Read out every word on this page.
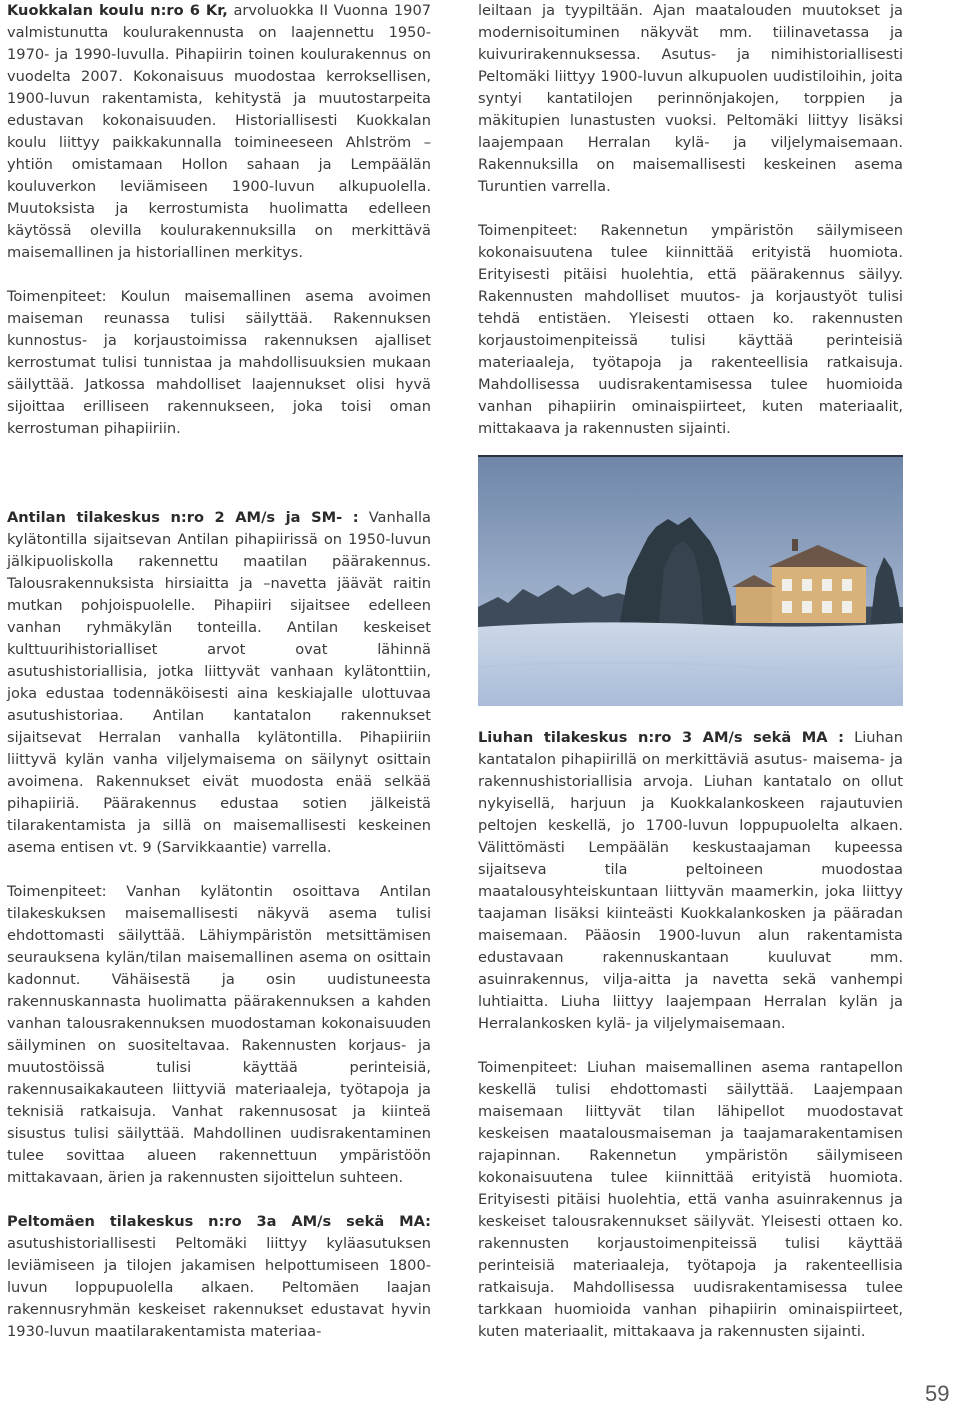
Kuokkalan koulu n:ro 6 Kr, arvoluokka II Vuonna 1907 valmistunutta koulurakennusta on laajennettu 1950- 1970- ja 1990-luvulla. Pihapiirin toinen koulurakennus on vuodelta 2007. Kokonaisuus muodostaa kerroksellisen, 1900-luvun rakentamista, kehitystä ja muutostarpeita edustavan kokonaisuuden. Historiallisesti Kuokkalan koulu liittyy paikkakunnalla toimineeseen Ahlström –yhtiön omistamaan Hollon sahaan ja Lempäälän kouluverkon leviämiseen 1900-luvun alkupuolella. Muutoksista ja kerrostumista huolimatta edelleen käytössä olevilla koulurakennuksilla on merkittävä maisemallinen ja historiallinen merkitys.

Toimenpiteet: Koulun maisemallinen asema avoimen maiseman reunassa tulisi säilyttää. Rakennuksen kunnostus- ja korjaustoimissa rakennuksen ajalliset kerrostumat tulisi tunnistaa ja mahdollisuuksien mukaan säilyttää. Jatkossa mahdolliset laajennukset olisi hyvä sijoittaa erilliseen rakennukseen, joka toisi oman kerrostuman pihapiiriin.

leiltaan ja tyypiltään. Ajan maatalouden muutokset ja modernisoituminen näkyvät mm. tiilinavetassa ja kuivurirakennuksessa. Asutus- ja nimihistoriallisesti Peltomäki liittyy 1900-luvun alkupuolen uudistiloihin, joita syntyi kantatilojen perinnönjakojen, torppien ja mäkitupien lunastusten vuoksi. Peltomäki liittyy lisäksi laajempaan Herralan kylä- ja viljelymaisemaan. Rakennuksilla on maisemallisesti keskeinen asema Turuntien varrella.

Toimenpiteet: Rakennetun ympäristön säilymiseen kokonaisuutena tulee kiinnittää erityistä huomiota. Erityisesti pitäisi huolehtia, että päärakennus säilyy. Rakennusten mahdolliset muutos- ja korjaustyöt tulisi tehdä entistäen. Yleisesti ottaen ko. rakennusten korjaustoimenpiteissä tulisi käyttää perinteisiä materiaaleja, työtapoja ja rakenteellisia ratkaisuja. Mahdollisessa uudisrakentamisessa tulee huomioida vanhan pihapiirin ominaispiirteet, kuten materiaalit, mittakaava ja rakennusten sijainti.

Antilan tilakeskus n:ro 2 AM/s ja SM- : Vanhalla kylätontilla sijaitsevan Antilan pihapiirissä on 1950-luvun jälkipuoliskolla rakennettu maatilan päärakennus. Talousrakennuksista hirsiaitta ja –navetta jäävät raitin mutkan pohjoispuolelle. Pihapiiri sijaitsee edelleen vanhan ryhmäkylän tonteilla. Antilan keskeiset kulttuurihistorialliset arvot ovat lähinnä asutushistoriallisia, jotka liittyvät vanhaan kylätonttiin, joka edustaa todennäköisesti aina keskiajalle ulottuvaa asutushistoriaa. Antilan kantatalon rakennukset sijaitsevat Herralan vanhalla kylätontilla. Pihapiiriin liittyvä kylän vanha viljelymaisema on säilynyt osittain avoimena. Rakennukset eivät muodosta enää selkää pihapiiriä. Päärakennus edustaa sotien jälkeistä tilarakentamista ja sillä on maisemallisesti keskeinen asema entisen vt. 9 (Sarvikkaantie) varrella.

Toimenpiteet: Vanhan kylätontin osoittava Antilan tilakeskuksen maisemallisesti näkyvä asema tulisi ehdottomasti säilyttää. Lähiympäristön metsittämisen seurauksena kylän/tilan maisemallinen asema on osittain kadonnut. Vähäisestä ja osin uudistuneesta rakennuskannasta huolimatta päärakennuksen a kahden vanhan talousrakennuksen muodostaman kokonaisuuden säilyminen on suositeltavaa. Rakennusten korjaus- ja muutostöissä tulisi käyttää perinteisiä, rakennusaikakauteen liittyviä materiaaleja, työtapoja ja teknisiä ratkaisuja. Vanhat rakennusosat ja kiinteä sisustus tulisi säilyttää. Mahdollinen uudisrakentaminen tulee sovittaa alueen rakennettuun ympäristöön mittakavaan, ärien ja rakennusten sijoittelun suhteen.

Peltomäen tilakeskus n:ro 3a AM/s sekä MA: asutushistoriallisesti Peltomäki liittyy kyläasutuksen leviämiseen ja tilojen jakamisen helpottumiseen 1800-luvun loppupuolella alkaen. Peltomäen laajan rakennusryhmän keskeiset rakennukset edustavat hyvin 1930-luvun maatilarakentamista materiaa-

Liuhan tilakeskus n:ro 3 AM/s sekä MA : Liuhan kantatalon pihapiirillä on merkittäviä asutus- maisema- ja rakennushistoriallisia arvoja. Liuhan kantatalo on ollut nykyisellä, harjuun ja Kuokkalankoskeen rajautuvien peltojen keskellä, jo 1700-luvun loppupuolelta alkaen. Välittömästi Lempäälän keskustaajaman kupeessa sijaitseva tila peltoineen muodostaa maatalousyhteiskuntaan liittyvän maamerkin, joka liittyy taajaman lisäksi kiinteästi Kuokkalankosken ja pääradan maisemaan. Pääosin 1900-luvun alun rakentamista edustavaan rakennuskantaan kuuluvat mm. asuinrakennus, vilja-aitta ja navetta sekä vanhempi luhtiaitta. Liuha liittyy laajempaan Herralan kylän ja Herralankosken kylä- ja viljelymaisemaan.

Toimenpiteet: Liuhan maisemallinen asema rantapellon keskellä tulisi ehdottomasti säilyttää. Laajempaan maisemaan liittyvät tilan lähipellot muodostavat keskeisen maatalousmaiseman ja taajamarakentamisen rajapinnan. Rakennetun ympäristön säilymiseen kokonaisuutena tulee kiinnittää erityistä huomiota. Erityisesti pitäisi huolehtia, että vanha asuinrakennus ja keskeiset talousrakennukset säilyvät. Yleisesti ottaen ko. rakennusten korjaustoimenpiteissä tulisi käyttää perinteisiä materiaaleja, työtapoja ja rakenteellisia ratkaisuja. Mahdollisessa uudisrakentamisessa tulee tarkkaan huomioida vanhan pihapiirin ominaispiirteet, kuten materiaalit, mittakaava ja rakennusten sijainti.

59
